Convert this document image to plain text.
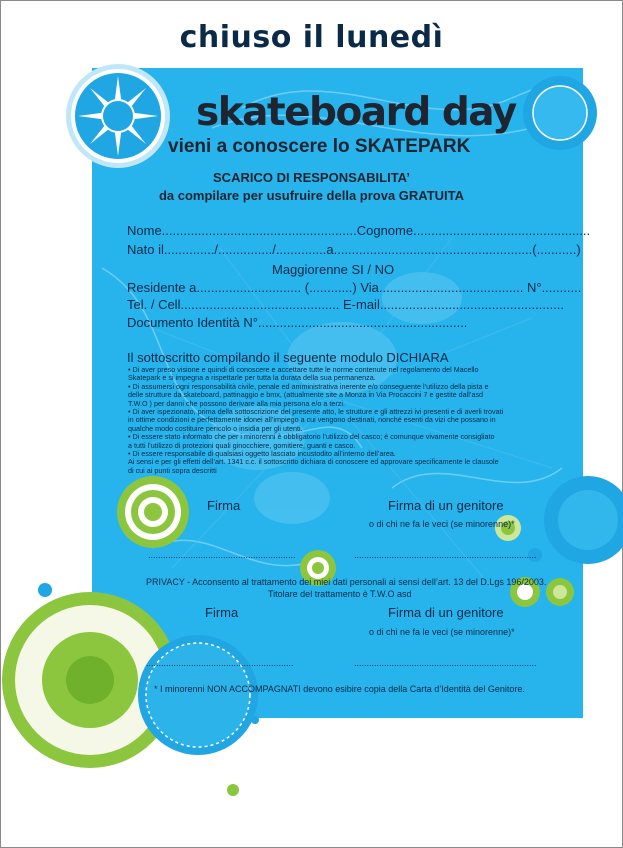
chiuso il lunedì
skateboard day
vieni a conoscere lo SKATEPARK
SCARICO DI RESPONSABILITA’
da compilare per usufruire della prova GRATUITA
Nome......................................................Cognome.................................................
Nato il............../.............../..............a.......................................................(...........)
Maggiorenne SI / NO
Residente a............................. (............) Via........................................ N°...........
Tel. / Cell............................................ E-mail...................................................
Documento Identità N°..........................................................
Il sottoscritto compilando il seguente modulo DICHIARA
• Di aver preso visione e quindi di conoscere e accettare tutte le norme contenute nel regolamento del Macello
Skatepark e si impegna a rispettarle per tutta la durata della sua permanenza.
• Di assumersi ogni responsabilità civile, penale ed amministrativa inerente e/o conseguente l’utilizzo della pista e
delle strutture da skateboard, pattinaggio e bmx, (attualmente site a Monza in Via Procaccini 7 e gestite dall’asd
T.W.O ) per danni che possono derivare alla mia persona e/o a terzi.
• Di aver ispezionato, prima della sottoscrizione del presente atto, le strutture e gli attrezzi ivi presenti e di averli trovati
in ottime condizioni e perfettamente idonei all’impiego a cui vengono destinati, nonché esenti da vizi che possano in
qualche modo costituire pericolo o insidia per gli utenti.
• Di essere stato informato che per i minorenni è obbligatorio l’utilizzo del casco; è comunque vivamente consigliato
a tutti l’utilizzo di protezioni quali ginocchiere, gomitiere, guanti e casco.
• Di essere responsabile di qualsiasi oggetto lasciato incustodito all’interno dell’area.
Ai sensi e per gli effetti dell’art. 1341 c.c. il sottoscritto dichiara di conoscere ed approvare specificamente le clausole
di cui ai punti sopra descritti
Firma	Firma di un genitore
o di chi ne fa le veci (se minorenne)*
...........................................................	.........................................................................
PRIVACY - Acconsento al trattamento dei miei dati personali ai sensi dell’art. 13 del D.Lgs 196/2003.
Titolare del trattamento è T.W.O asd
Firma	Firma di un genitore
o di chi ne fa le veci (se minorenne)*
...........................................................	.........................................................................
* I minorenni NON ACCOMPAGNATI devono esibire copia della Carta d’Identità del Genitore.
